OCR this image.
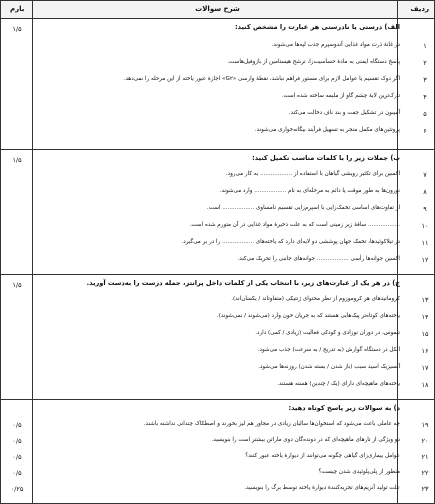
ردیف
شرح سوالات
بارم
الف) درستی یا نادرستی هر عبارت را مشخص کنید:
۱/۵
۱
در غانهٔ ذرت مواد غذایی آندوسپرم جذب لپه‌ها می‌شوند.
۲
پاسخ دستگاه ایمنی به مادهٔ حساسیت‌زا، ترشح هیستامین از بازوفیل‌هاست.
۳
اگر دوک تقسیم یا عوامل لازم برای مستور فراهم نباشد، نقطهٔ وارسی «G۲» اجازهٔ عبور یاخته از این مرحله را نمی‌دهد.
۴
تارک‌ترین لایهٔ چشم گاو از ملیمه ساخته شده است.
۵
آمیبون در تشکیل جفت و بند ناف دخالت می‌کند.
۶
پروتئین‌های مکمل منجر به تسهیل فرآیند بیگانه‌خواری می‌شوند.
ب) جملات زیر را با کلمات مناسب تکمیل کنید:
۱/۵
۷
اکسین برای تکثیر رویشی گیاهان با استفاده از .................. به کار می‌رود.
۸
نورون‌ها به طور موقت یا دائم به مرحله‌ای به نام .................. وارد می‌شوند.
۹
از تفاوت‌های اساسی تخمک‌زایی با اسپرم‌زایی تقسیم نامساوی .................. است.
۱۰
.................. ساقهٔ زیر زمینی است که به علت ذخیرهٔ مواد غذایی در آن متورم شده است.
۱۱
در تیلاکوئیدها، تخمک جهان پوششی دو لایه‌ای دارد که یاخته‌های .................. را در بر می‌گیرد.
۱۲
اکسین جوانه‌ها رأسی .................. جوانه‌های جانبی را تحریک می‌کند.
ج) در هر یک از عبارت‌های زیر، با انتخاب یکی از کلمات داخل پرانتز، جمله درست را به‌دست آورید.
۱/۵
۱۳
کروماتیدهای هر کروموزوم از نظر محتوای ژنتیکی (متفاوتاند / یکسان‌اند).
۱۴
یاخته‌های کوتاه‌تر پیک‌هایی هستند که به جریان خون وارد (می‌شوند / نمی‌شوند).
۱۵
تیموس، در دوران نوزادی و کودکی فعالیت (زیادی / کمی) دارد.
۱۶
الکل در دستگاه گوارش (به تدریج / به سرعت) جذب می‌شود.
۱۷
آبسیزیک اسید سبب (باز شدن / بسته شدن) روزنه‌ها می‌شود.
۱۸
یاخته‌های ماهیچه‌ای دارای (یک / چندین) هسته هستند.
د) به سوالات زیر پاسخ کوتاه دهید:
۱۹
چه عاملی باعث می‌شود که استخوان‌ها سالیان زیادی در مجاور هم لیز بخورند و اصطکاک چندانی نداشته باشند.
۰/۵
۲۰
دو ویژگی از تارهای ماهیچه‌ای که در دونده‌گان دوی ماراتن بیشتر است را بنویسید.
۰/۵
۲۱
عوامل بیماری‌زای گیاهی چگونه می‌توانند از دیوارهٔ یاخته عبور کنند؟
۰/۵
۲۲
منظور از پلی‌پلوئیدی شدن چیست؟
۰/۵
۲۳
علت تولید آنزیم‌های تجزیه‌کنندهٔ دیوارهٔ یاخته توسط برگ را بنویسید.
۰/۲۵
